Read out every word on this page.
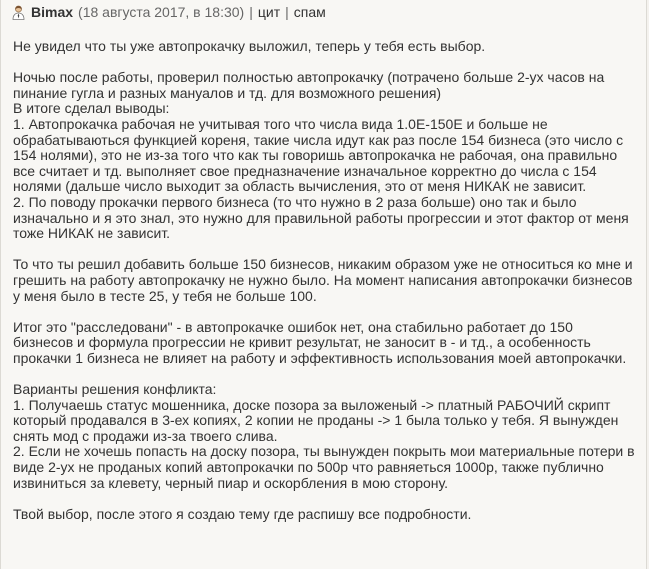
Bimax (18 августа 2017, в 18:30) | цит | спам

Не увидел что ты уже автопрокачку выложил, теперь у тебя есть выбор.

Ночью после работы, проверил полностью автопрокачку (потрачено больше 2-ух часов на
пинание гугла и разных мануалов и тд. для возможного решения)
В итоге сделал выводы:
1. Автопрокачка рабочая не учитывая того что числа вида 1.0E-150E и больше не
обрабатываються функцией кореня, такие числа идут как раз после 154 бизнеса (это число с
154 нолями), это не из-за того что как ты говоришь автопрокачка не рабочая, она правильно
все считает и тд. выполняет свое предназначение изначальное корректно до числа с 154
нолями (дальше число выходит за область вычисления, это от меня НИКАК не зависит.
2. По поводу прокачки первого бизнеса (то что нужно в 2 раза больше) оно так и было
изначально и я это знал, это нужно для правильной работы прогрессии и этот фактор от меня
тоже НИКАК не зависит.

То что ты решил добавить больше 150 бизнесов, никаким образом уже не относиться ко мне и
грешить на работу автопрокачку не нужно было. На момент написания автопрокачки бизнесов
у меня было в тесте 25, у тебя не больше 100.

Итог это "расследовани" - в автопрокачке ошибок нет, она стабильно работает до 150
бизнесов и формула прогрессии не кривит результат, не заносит в - и тд., а особенность
прокачки 1 бизнеса не влияет на работу и эффективность использования моей автопрокачки.

Варианты решения конфликта:
1. Получаешь статус мошенника, доске позора за выложеный -> платный РАБОЧИЙ скрипт
который продавался в 3-ех копиях, 2 копии не проданы -> 1 была только у тебя. Я вынужден
снять мод с продажи из-за твоего слива.
2. Если не хочешь попасть на доску позора, ты вынужден покрыть мои материальные потери в
виде 2-ух не проданых копий автопрокачки по 500р что равняеться 1000р, также публично
извиниться за клевету, черный пиар и оскорбления в мою сторону.

Твой выбор, после этого я создаю тему где распишу все подробности.
